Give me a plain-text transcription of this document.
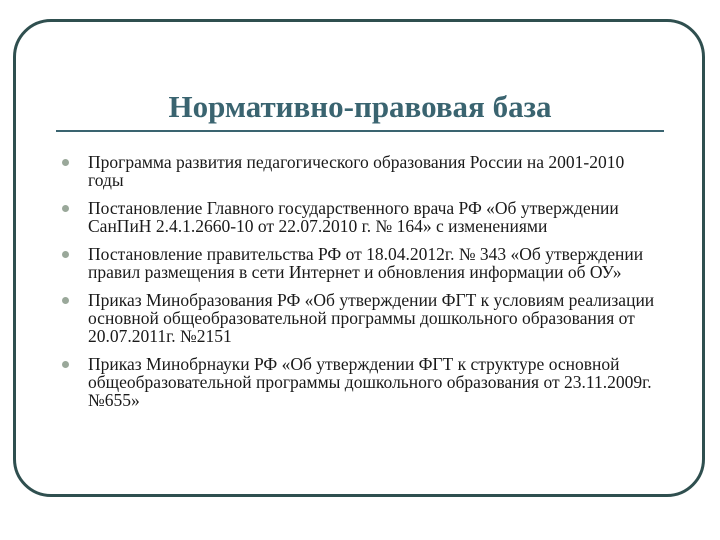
Нормативно-правовая база
Программа развития педагогического образования России на 2001-2010 годы
Постановление Главного государственного врача РФ «Об утверждении СанПиН 2.4.1.2660-10 от 22.07.2010 г. № 164» с изменениями
Постановление правительства РФ от 18.04.2012г. № 343 «Об утверждении правил размещения в сети Интернет и обновления информации об ОУ»
Приказ Минобразования РФ «Об утверждении ФГТ к условиям реализации основной общеобразовательной программы дошкольного образования от 20.07.2011г. №2151
Приказ Минобрнауки РФ «Об утверждении ФГТ к структуре основной общеобразовательной программы дошкольного образования от 23.11.2009г. №655»
